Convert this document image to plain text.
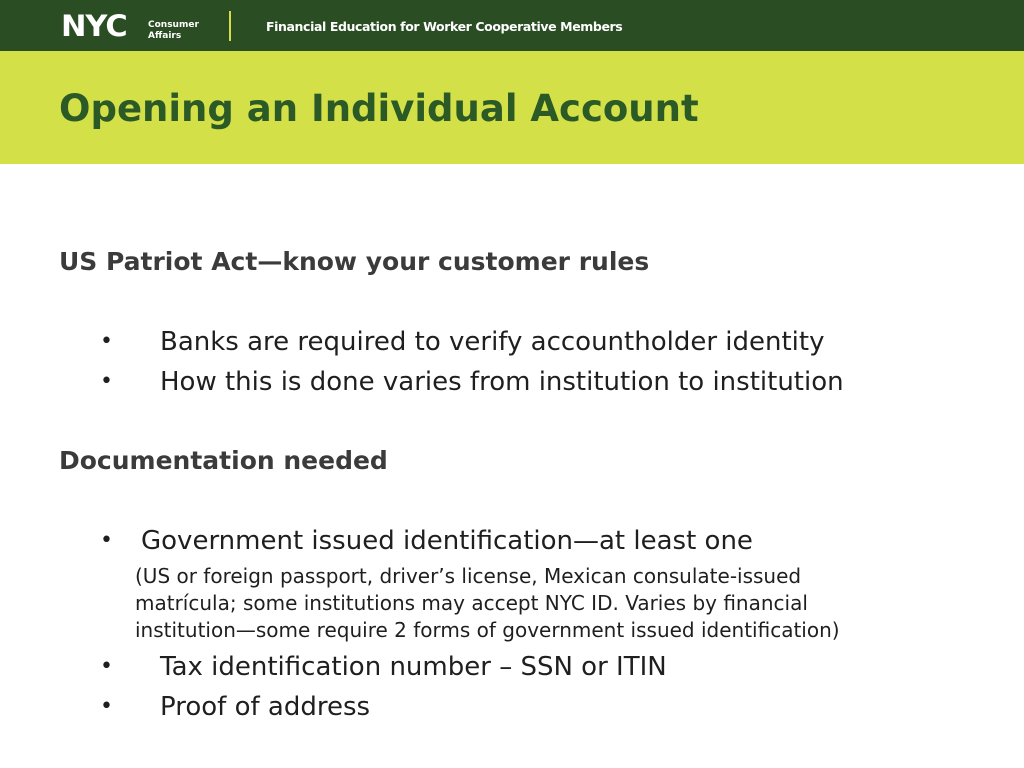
NYC Consumer
Affairs
Financial Education for Worker Cooperative Members
Opening an Individual Account
US Patriot Act—know your customer rules
• Banks are required to verify accountholder identity
• How this is done varies from institution to institution
Documentation needed
• Government issued identification—at least one
(US or foreign passport, driver’s license, Mexican consulate-issued
matrícula; some institutions may accept NYC ID. Varies by financial
institution—some require 2 forms of government issued identification)
• Tax identification number – SSN or ITIN
• Proof of address
